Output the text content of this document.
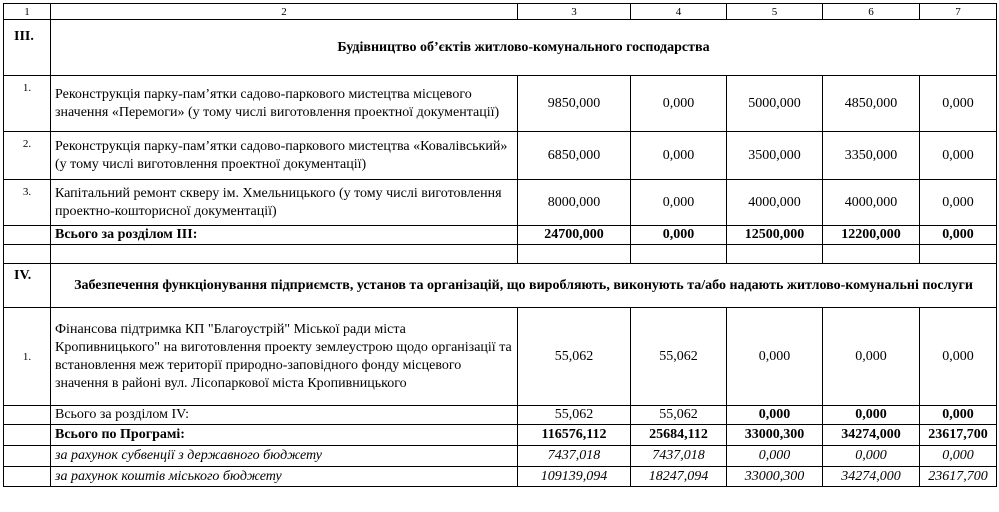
1	2	3	4	5	6	7
III.	Будівництво об’єктів житлово-комунального господарства					
1.	Реконструкція парку-пам’ятки садово-паркового мистецтва місцевого значення «Перемоги» (у тому числі виготовлення проектної документації)	9850,000	0,000	5000,000	4850,000	0,000
2.	Реконструкція парку-пам’ятки садово-паркового мистецтва «Ковалівський» (у тому числі виготовлення проектної документації)	6850,000	0,000	3500,000	3350,000	0,000
3.	Капітальний ремонт скверу ім. Хмельницького (у тому числі виготовлення проектно-кошторисної документації)	8000,000	0,000	4000,000	4000,000	0,000
	Всього за розділом ІІІ:	24700,000	0,000	12500,000	12200,000	0,000

IV.	Забезпечення функціонування підприємств, установ та організацій, що виробляють, виконують та/або надають житлово-комунальні послуги					
1.	Фінансова підтримка КП "Благоустрій" Міської ради міста Кропивницького" на виготовлення проекту землеустрою щодо організації та встановлення меж території природно-заповідного фонду місцевого значення в районі вул. Лісопаркової міста Кропивницького	55,062	55,062	0,000	0,000	0,000
	Всього за розділом IV:	55,062	55,062	0,000	0,000	0,000
	Всього по Програмі:	116576,112	25684,112	33000,300	34274,000	23617,700
	за рахунок субвенції з державного бюджету	7437,018	7437,018	0,000	0,000	0,000
	за рахунок коштів міського бюджету	109139,094	18247,094	33000,300	34274,000	23617,700
